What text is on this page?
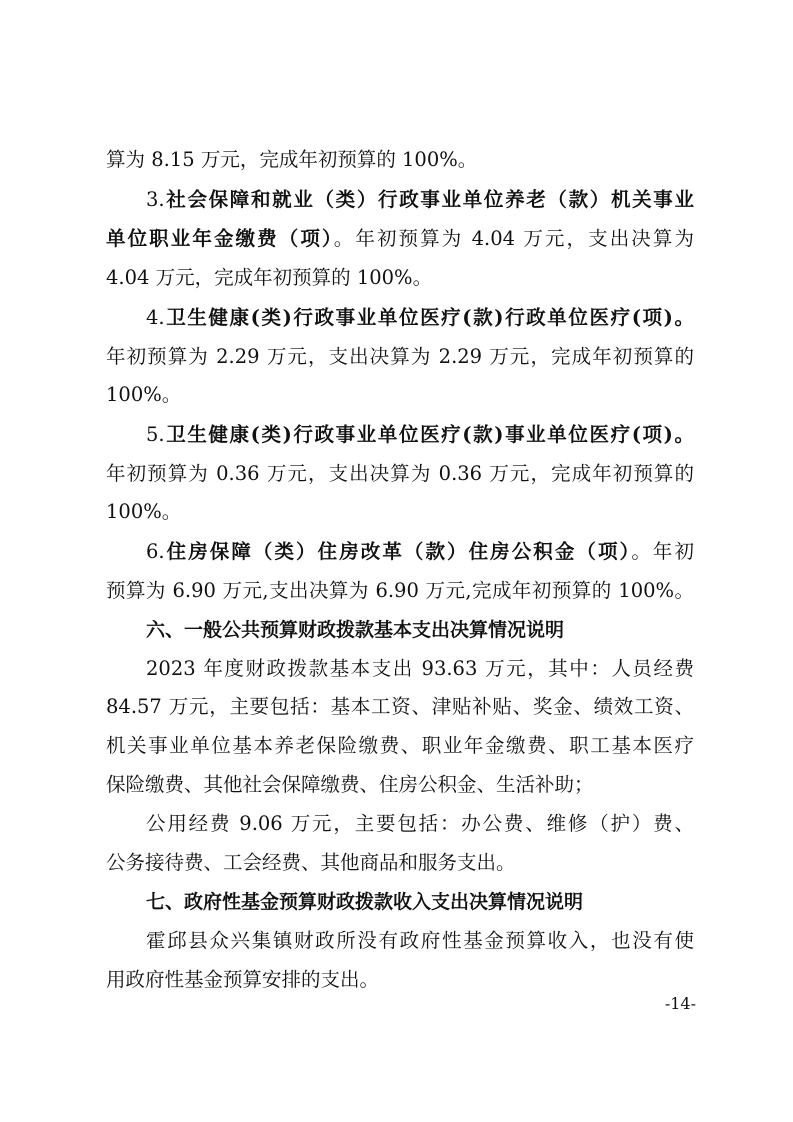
算为 8.15 万元，完成年初预算的 100%。
3.社会保障和就业（类）行政事业单位养老（款）机关事业
单位职业年金缴费（项）。年初预算为 4.04 万元，支出决算为
4.04 万元，完成年初预算的 100%。
4.卫生健康(类)行政事业单位医疗(款)行政单位医疗(项)。
年初预算为 2.29 万元，支出决算为 2.29 万元，完成年初预算的
100%。
5.卫生健康(类)行政事业单位医疗(款)事业单位医疗(项)。
年初预算为 0.36 万元，支出决算为 0.36 万元，完成年初预算的
100%。
6.住房保障（类）住房改革（款）住房公积金（项）。年初
预算为 6.90 万元,支出决算为 6.90 万元,完成年初预算的 100%。
六、一般公共预算财政拨款基本支出决算情况说明
2023 年度财政拨款基本支出 93.63 万元，其中：人员经费
84.57 万元，主要包括：基本工资、津贴补贴、奖金、绩效工资、
机关事业单位基本养老保险缴费、职业年金缴费、职工基本医疗
保险缴费、其他社会保障缴费、住房公积金、生活补助；
公用经费 9.06 万元，主要包括：办公费、维修（护）费、
公务接待费、工会经费、其他商品和服务支出。
七、政府性基金预算财政拨款收入支出决算情况说明
霍邱县众兴集镇财政所没有政府性基金预算收入，也没有使
用政府性基金预算安排的支出。
-14-
